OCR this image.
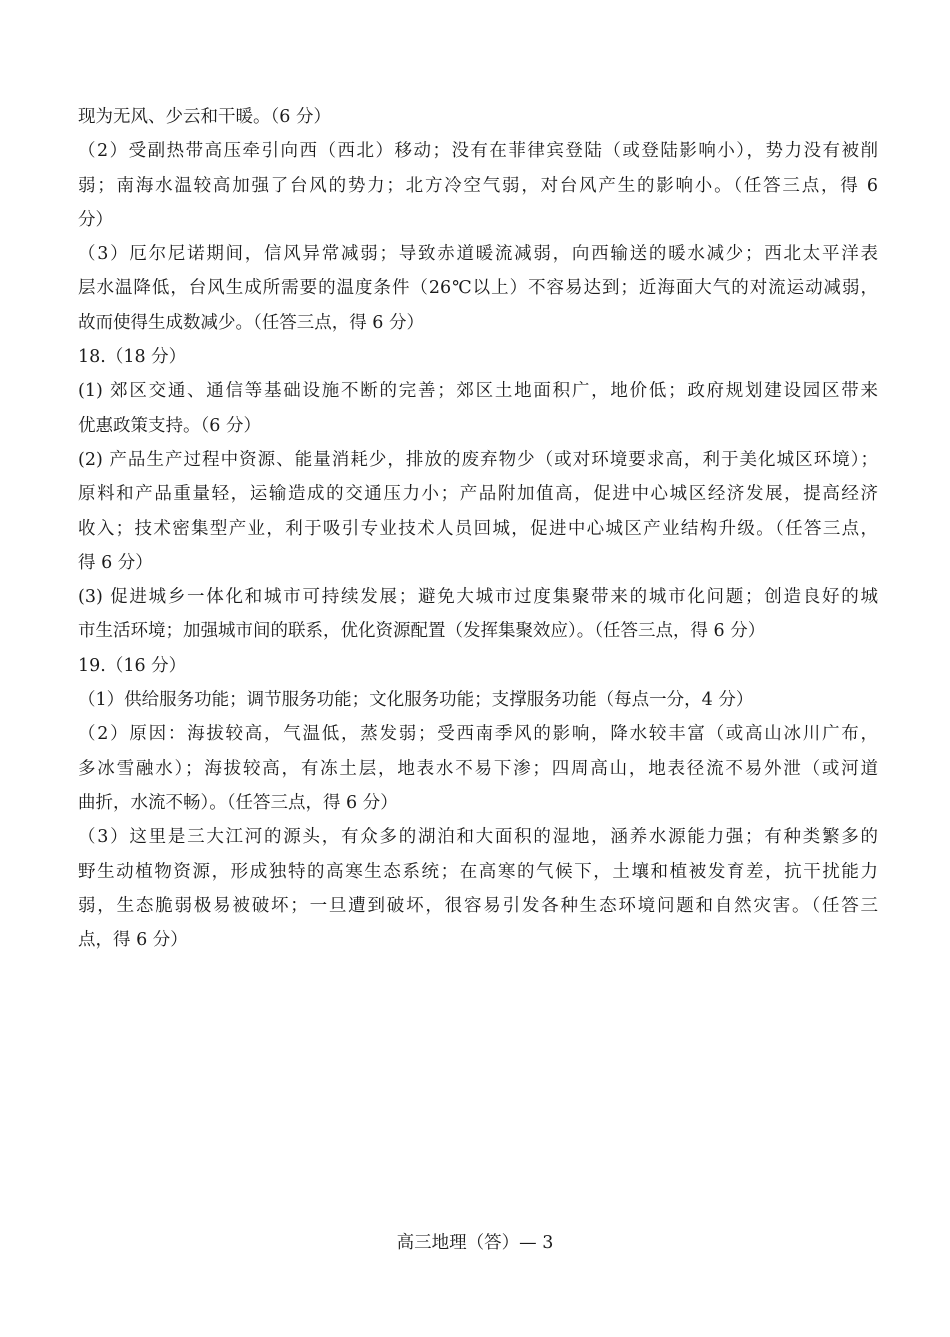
现为无风、少云和干暖。（6 分）
（2）受副热带高压牵引向西（西北）移动；没有在菲律宾登陆（或登陆影响小），势力没有被削
弱；南海水温较高加强了台风的势力；北方冷空气弱，对台风产生的影响小。（任答三点，得 6
分）
（3）厄尔尼诺期间，信风异常减弱；导致赤道暖流减弱，向西输送的暖水减少；西北太平洋表
层水温降低，台风生成所需要的温度条件（26℃以上）不容易达到；近海面大气的对流运动减弱，
故而使得生成数减少。（任答三点，得 6 分）
18.（18 分）
(1) 郊区交通、通信等基础设施不断的完善；郊区土地面积广，地价低；政府规划建设园区带来
优惠政策支持。（6 分）
(2) 产品生产过程中资源、能量消耗少，排放的废弃物少（或对环境要求高，利于美化城区环境）；
原料和产品重量轻，运输造成的交通压力小；产品附加值高，促进中心城区经济发展，提高经济
收入；技术密集型产业，利于吸引专业技术人员回城，促进中心城区产业结构升级。（任答三点，
得 6 分）
(3) 促进城乡一体化和城市可持续发展；避免大城市过度集聚带来的城市化问题；创造良好的城
市生活环境；加强城市间的联系，优化资源配置（发挥集聚效应）。（任答三点，得 6 分）
19.（16 分）
（1）供给服务功能；调节服务功能；文化服务功能；支撑服务功能（每点一分，4 分）
（2）原因：海拔较高，气温低，蒸发弱；受西南季风的影响，降水较丰富（或高山冰川广布，
多冰雪融水）；海拔较高，有冻土层，地表水不易下渗；四周高山，地表径流不易外泄（或河道
曲折，水流不畅）。（任答三点，得 6 分）
（3）这里是三大江河的源头，有众多的湖泊和大面积的湿地，涵养水源能力强；有种类繁多的
野生动植物资源，形成独特的高寒生态系统；在高寒的气候下，土壤和植被发育差，抗干扰能力
弱，生态脆弱极易被破坏；一旦遭到破坏，很容易引发各种生态环境问题和自然灾害。（任答三
点，得 6 分）
高三地理（答）— 3
